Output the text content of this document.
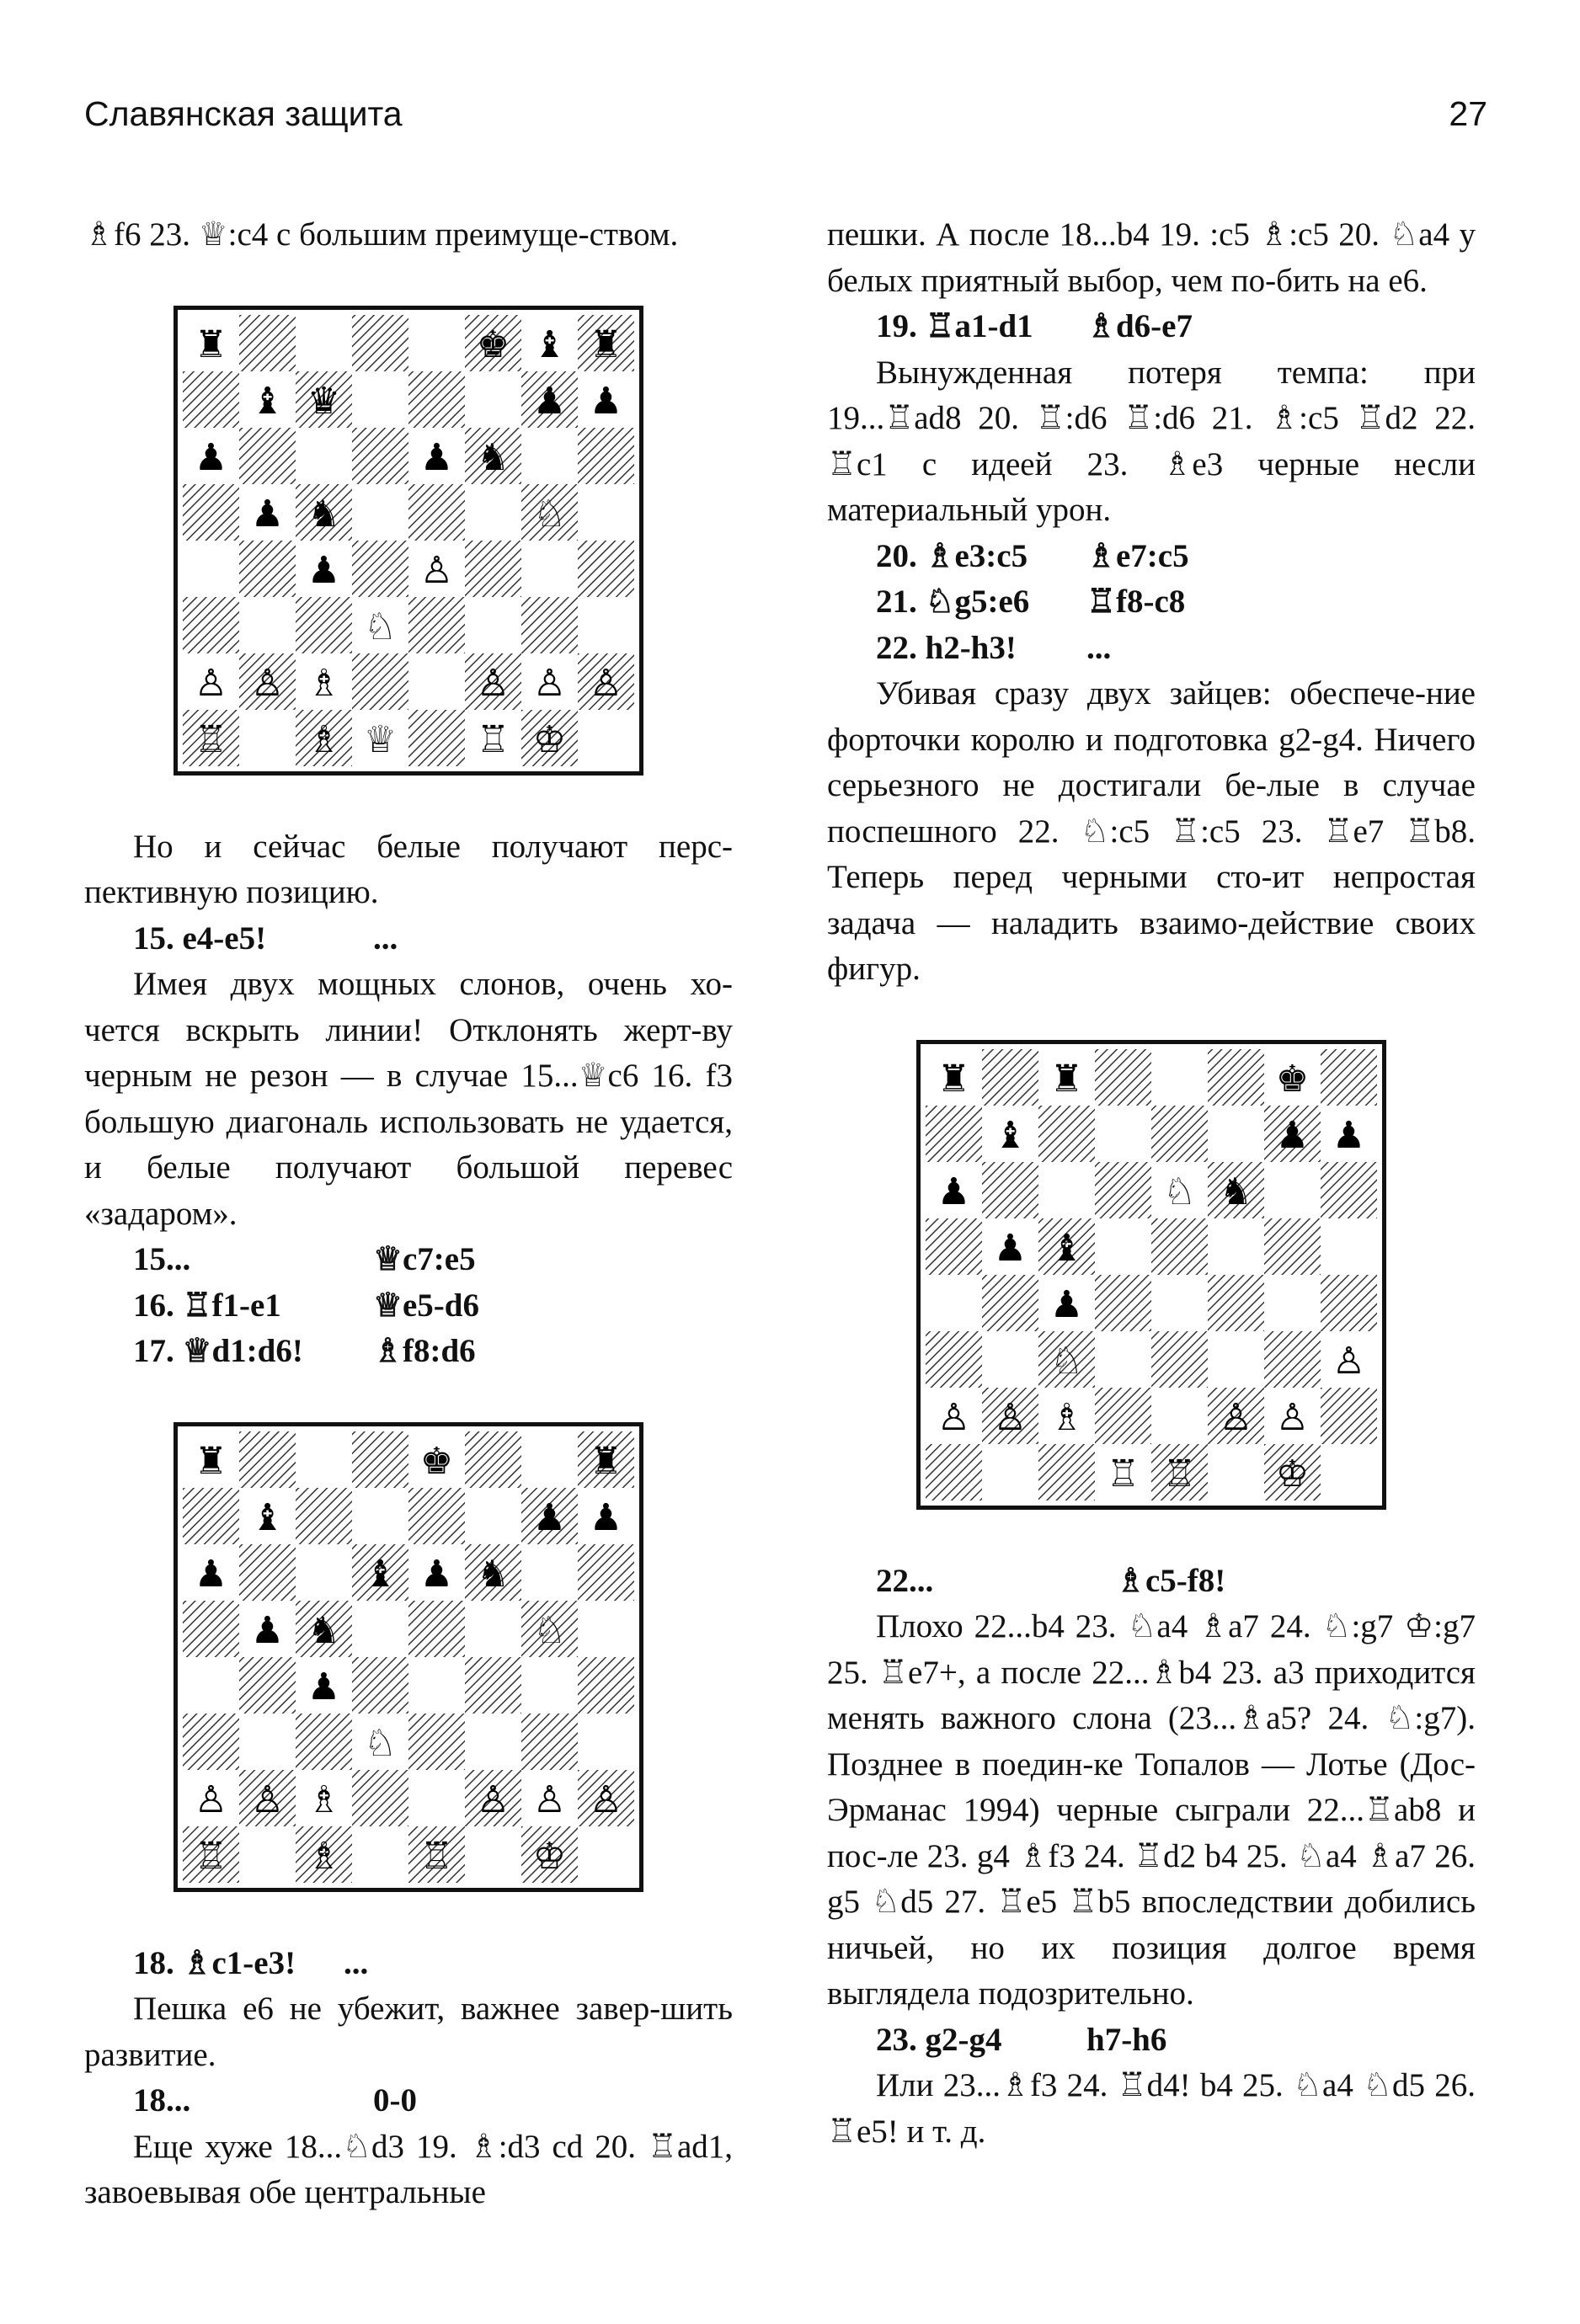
Славянская защита	27

♗f6 23. ♕:c4 с большим преимуще-ством.

♜	♚ ♝ ♜
♝ ♛	♟ ♟
♟	♟ ♞
♟ ♞	♘
♟ ♙
♘
♙ ♙ ♗	♙ ♙ ♙
♖ ♗ ♕ ♖ ♔

Но и сейчас белые получают перс-пективную позицию.

15. e4-e5!	...

Имея двух мощных слонов, очень хо-чется вскрыть линии! Отклонять жерт-ву черным не резон — в случае 15...♕c6 16. f3 большую диагональ использовать не удается, и белые получают большой перевес «задаром».

15...	♕c7:e5
16. ♖f1-e1	♕e5-d6
17. ♕d1:d6!	♗f8:d6
♜	♚	♜
♝	♟ ♟
♟	♝ ♟ ♞
♟ ♞	♘
♟
♘
♙ ♙ ♗	♙ ♙ ♙
♖ ♗ ♖ ♔
18. ♗c1-e3!	...

Пешка e6 не убежит, важнее завер-шить развитие.

18...	0-0

Еще хуже 18...♘d3 19. ♗:d3 cd 20. ♖ad1, завоевывая обе центральные

пешки. А после 18...b4 19. :c5 ♗:c5 20. ♘a4 у белых приятный выбор, чем по-бить на e6.

19. ♖a1-d1	♗d6-e7

Вынужденная потеря темпа: при 19...♖ad8 20. ♖:d6 ♖:d6 21. ♗:c5 ♖d2 22. ♖c1 с идеей 23. ♗e3 черные несли материальный урон.

20. ♗e3:c5	♗e7:c5
21. ♘g5:e6	♖f8-c8
22. h2-h3!	...

Убивая сразу двух зайцев: обеспече-ние форточки королю и подготовка g2-g4. Ничего серьезного не достигали бе-лые в случае поспешного 22. ♘:c5 ♖:c5 23. ♖e7 ♖b8. Теперь перед черными сто-ит непростая задача — наладить взаимо-действие своих фигур.

♜ ♜	♚
♝	♟ ♟
♟	♘ ♞
♟ ♝
♟
♘
♙ ♙ ♗	♙ ♙
♙
♖ ♖ ♔
22...	♗c5-f8!

Плохо 22...b4 23. ♘a4 ♗a7 24. ♘:g7 ♔:g7 25. ♖e7+, а после 22...♗b4 23. a3 приходится менять важного слона (23...♗a5? 24. ♘:g7). Позднее в поедин-ке Топалов — Лотье (Дос-Эрманас 1994) черные сыграли 22...♖ab8 и пос-ле 23. g4 ♗f3 24. ♖d2 b4 25. ♘a4 ♗a7 26. g5 ♘d5 27. ♖e5 ♖b5 впоследствии добились ничьей, но их позиция долгое время выглядела подозрительно.

23. g2-g4	h7-h6

Или 23...♗f3 24. ♖d4! b4 25. ♘a4 ♘d5 26. ♖e5! и т. д.
